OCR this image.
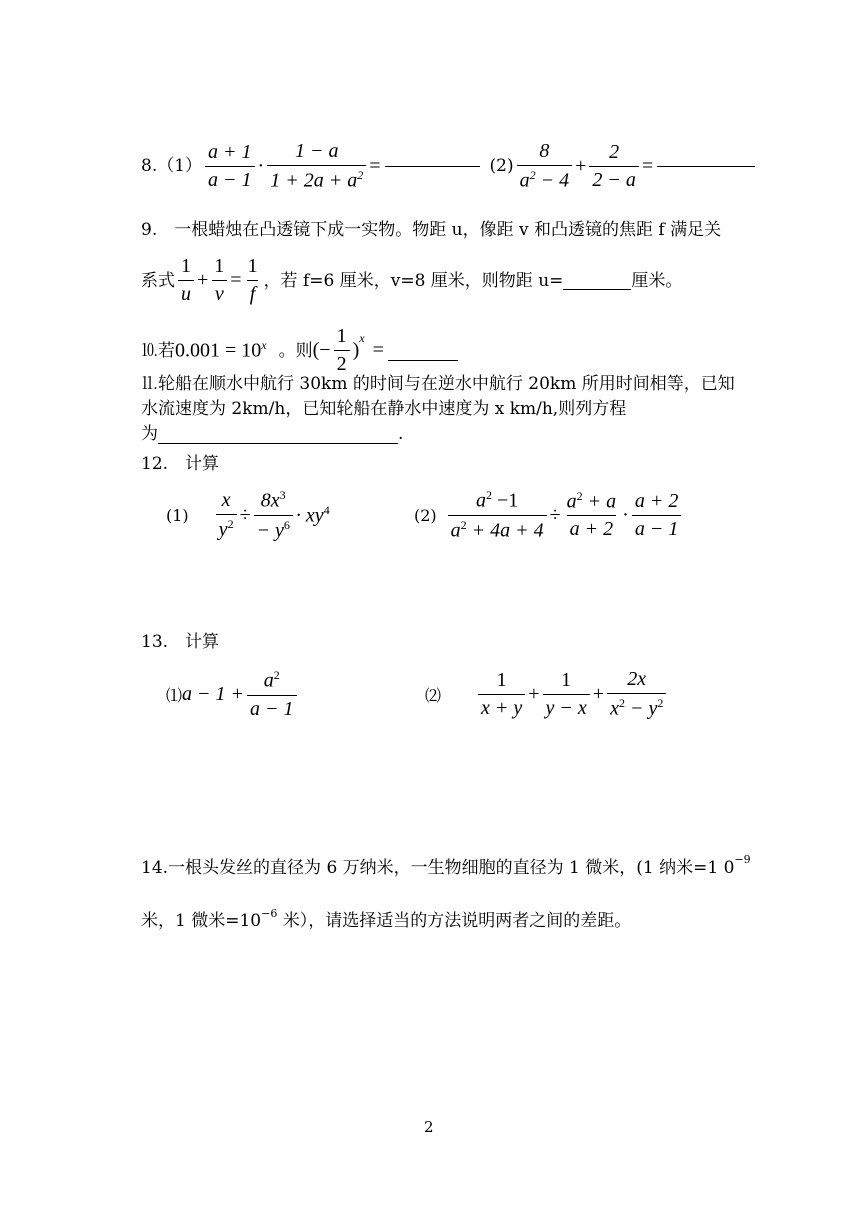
$8.(1) \frac{a + 1}{a - 1} \cdot \frac{1 - a}{1 + 2a + a^2}$ =	$(2) \frac{8}{a^2 - 4} + \frac{2}{2 - a}$ =
9.　一根蜡烛在凸透镜下成一实物。物距 u，像距 v 和凸透镜的焦距 f 满足关
系式 $\frac{1}{u} + \frac{1}{v} = \frac{1}{f}$ ，若 f=6 厘米，v=8 厘米，则物距 u=	厘米。
⒑若 $0.001 = 10^x$ 。则 (− $\frac{1}{2}$ )
$^x$
=
⒒轮船在顺水中航行 30km 的时间与在逆水中航行 20km 所用时间相等，已知
水流速度为 2km/h，已知轮船在静水中速度为 x km/h,则列方程
为	.
12.　计算
$(1) \frac{x}{y^2} \div \frac{8x^3}{- y^6} \cdot xy^4$	$(2) \frac{a^2 -1}{a^2 + 4a + 4} \div \frac{a^2 + a}{a + 2} \cdot \frac{a + 2}{a - 1}$
13.　计算
⑴ $a - 1 + \frac{a^2}{a - 1}$	⑵ $\frac{1}{x + y} + \frac{1}{y - x} + \frac{2x}{x^2 - y^2}$
14.一根头发丝的直径为 6 万纳米，一生物细胞的直径为 1 微米，(1 纳米=1 $0^{-9}$
米，1 微米$=10^{-6}$ 米），请选择适当的方法说明两者之间的差距。
2
